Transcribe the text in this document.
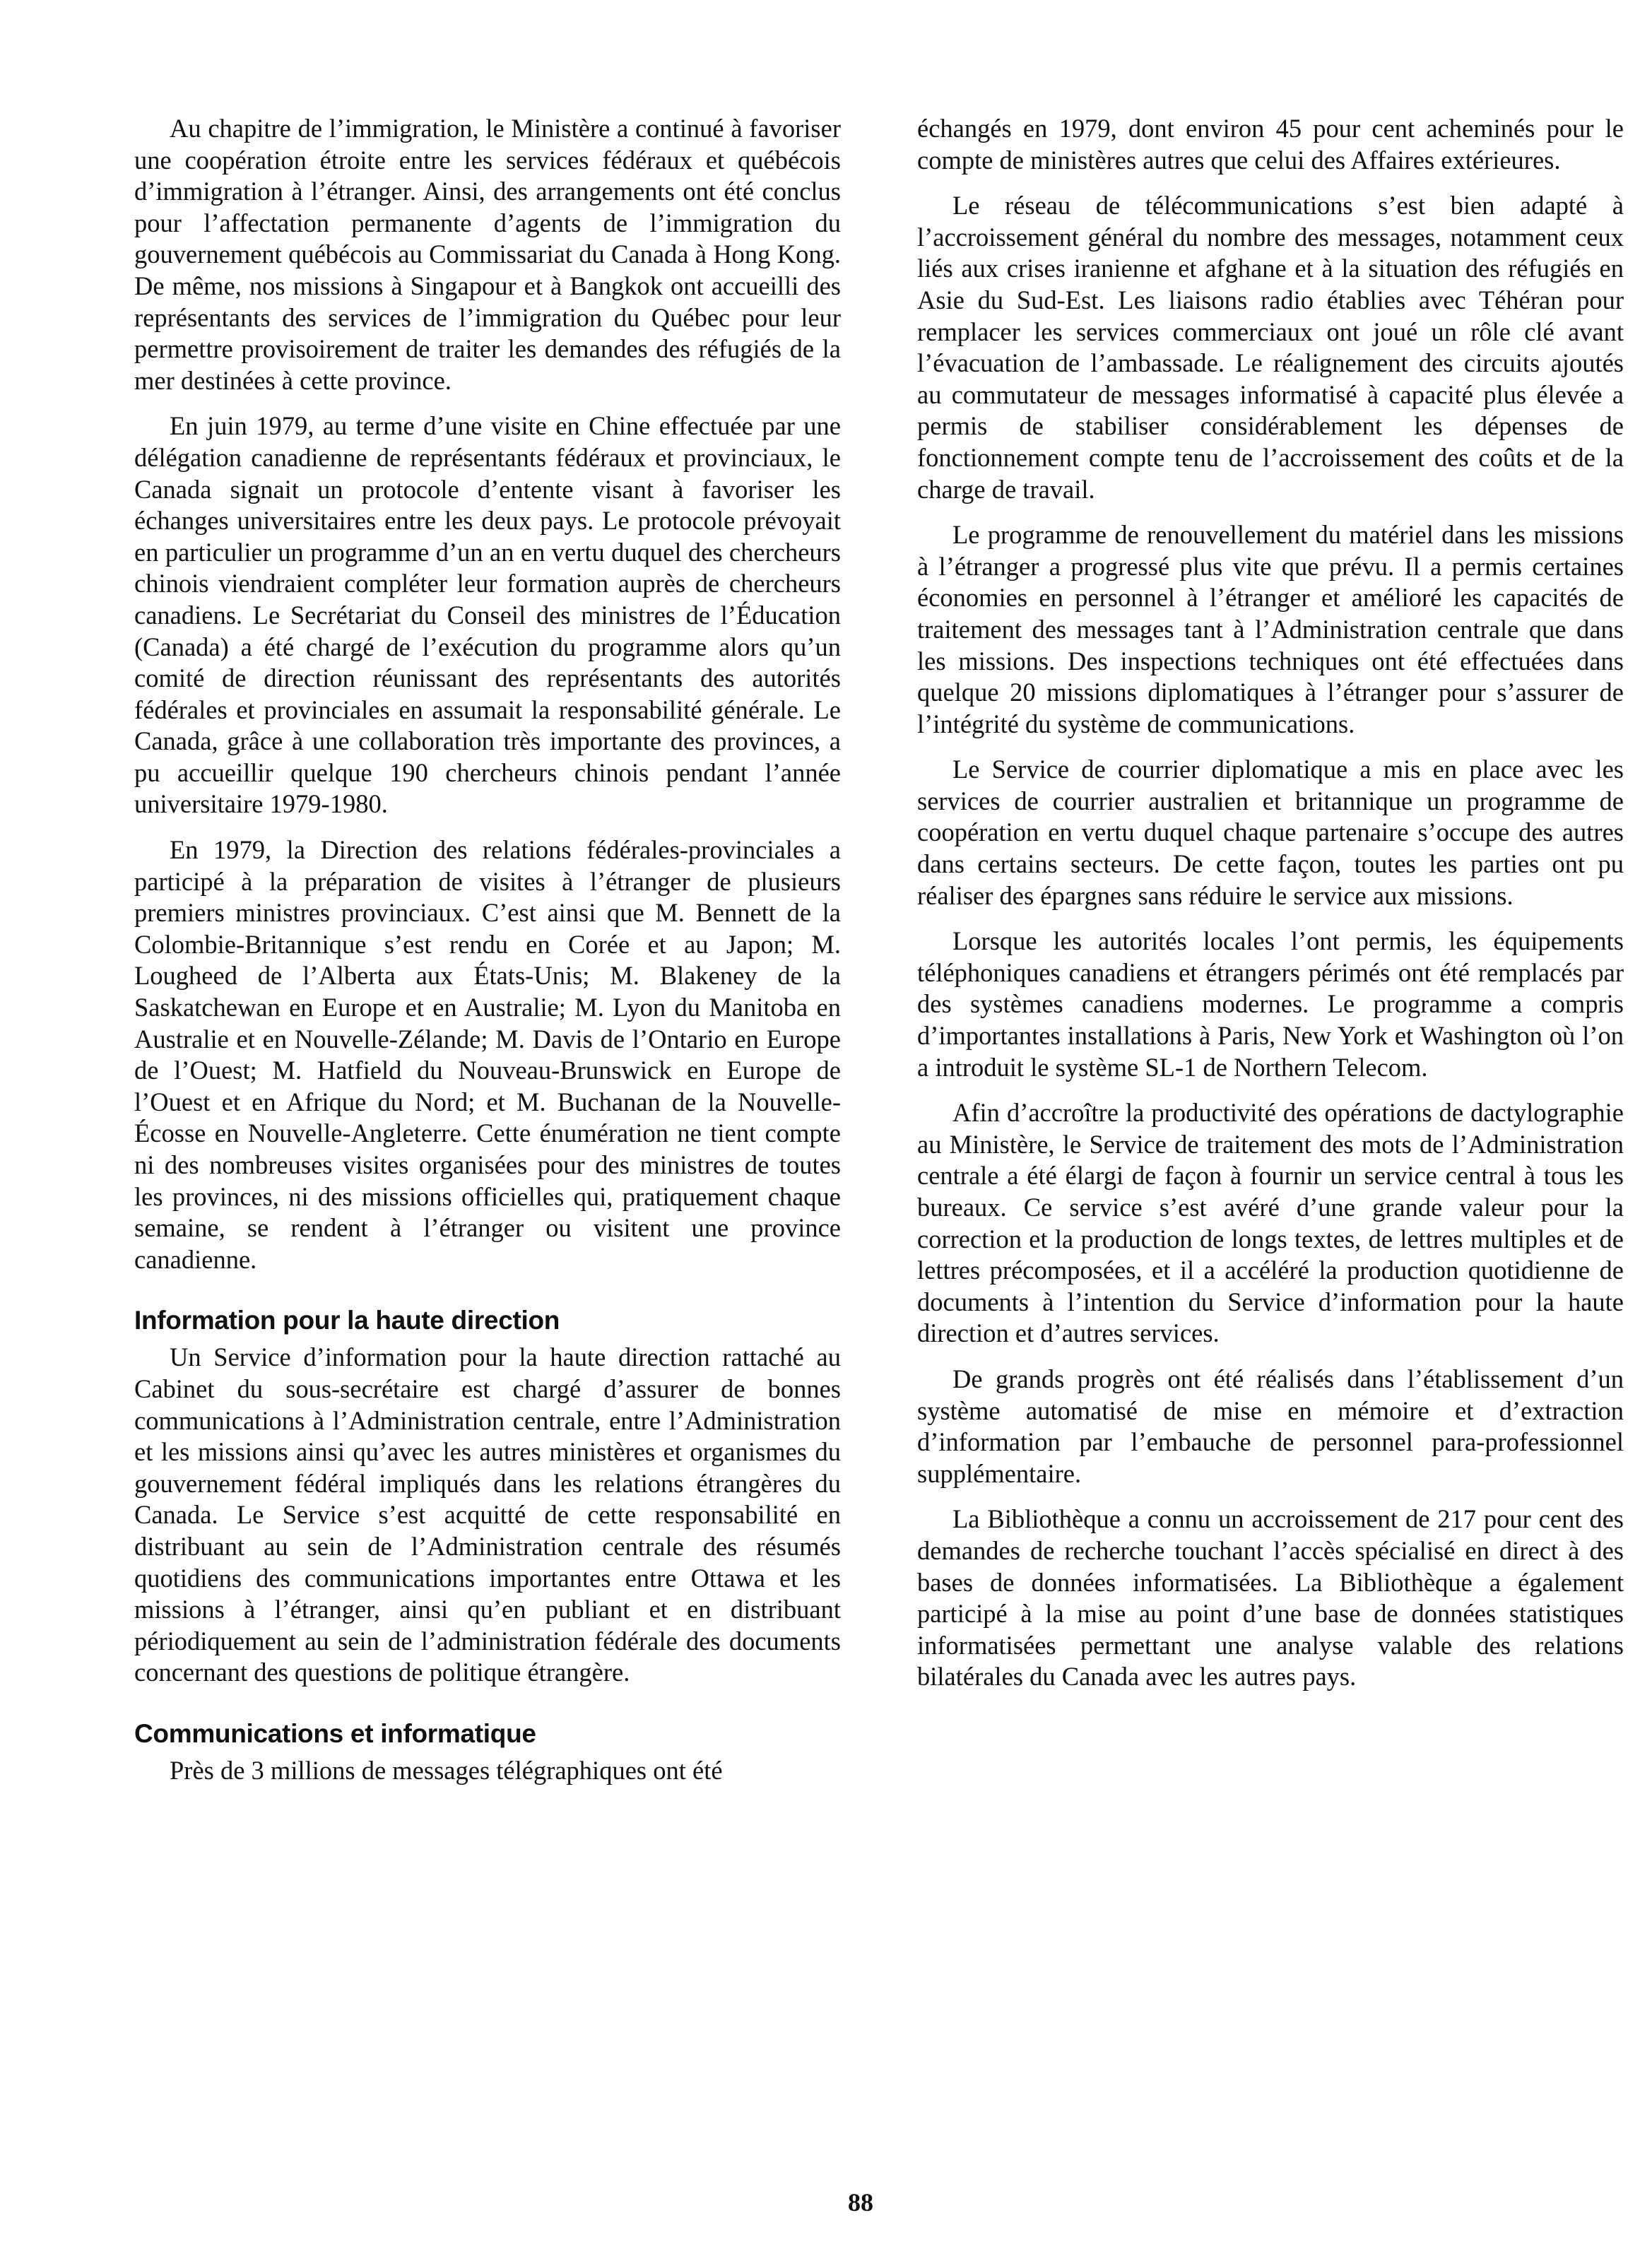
Au chapitre de l’immigration, le Ministère a continué à favoriser une coopération étroite entre les services fédéraux et québécois d’immigration à l’étranger. Ainsi, des arrangements ont été conclus pour l’affectation permanente d’agents de l’immigration du gouvernement québécois au Commissariat du Canada à Hong Kong. De même, nos missions à Singapour et à Bangkok ont accueilli des représentants des services de l’immigration du Québec pour leur permettre provisoirement de traiter les demandes des réfugiés de la mer destinées à cette province.

En juin 1979, au terme d’une visite en Chine effectuée par une délégation canadienne de représentants fédéraux et provinciaux, le Canada signait un protocole d’entente visant à favoriser les échanges universitaires entre les deux pays. Le protocole prévoyait en particulier un programme d’un an en vertu duquel des chercheurs chinois viendraient compléter leur formation auprès de chercheurs canadiens. Le Secrétariat du Conseil des ministres de l’Éducation (Canada) a été chargé de l’exécution du programme alors qu’un comité de direction réunissant des représentants des autorités fédérales et provinciales en assumait la responsabilité générale. Le Canada, grâce à une collaboration très importante des provinces, a pu accueillir quelque 190 chercheurs chinois pendant l’année universitaire 1979-1980.

En 1979, la Direction des relations fédérales-provinciales a participé à la préparation de visites à l’étranger de plusieurs premiers ministres provinciaux. C’est ainsi que M. Bennett de la Colombie-Britannique s’est rendu en Corée et au Japon; M. Lougheed de l’Alberta aux États-Unis; M. Blakeney de la Saskatchewan en Europe et en Australie; M. Lyon du Manitoba en Australie et en Nouvelle-Zélande; M. Davis de l’Ontario en Europe de l’Ouest; M. Hatfield du Nouveau-Brunswick en Europe de l’Ouest et en Afrique du Nord; et M. Buchanan de la Nouvelle-Écosse en Nouvelle-Angleterre. Cette énumération ne tient compte ni des nombreuses visites organisées pour des ministres de toutes les provinces, ni des missions officielles qui, pratiquement chaque semaine, se rendent à l’étranger ou visitent une province canadienne.

Information pour la haute direction

Un Service d’information pour la haute direction rattaché au Cabinet du sous-secrétaire est chargé d’assurer de bonnes communications à l’Administration centrale, entre l’Administration et les missions ainsi qu’avec les autres ministères et organismes du gouvernement fédéral impliqués dans les relations étrangères du Canada. Le Service s’est acquitté de cette responsabilité en distribuant au sein de l’Administration centrale des résumés quotidiens des communications importantes entre Ottawa et les missions à l’étranger, ainsi qu’en publiant et en distribuant périodiquement au sein de l’administration fédérale des documents concernant des questions de politique étrangère.

Communications et informatique

Près de 3 millions de messages télégraphiques ont été

échangés en 1979, dont environ 45 pour cent acheminés pour le compte de ministères autres que celui des Affaires extérieures.

Le réseau de télécommunications s’est bien adapté à l’accroissement général du nombre des messages, notamment ceux liés aux crises iranienne et afghane et à la situation des réfugiés en Asie du Sud-Est. Les liaisons radio établies avec Téhéran pour remplacer les services commerciaux ont joué un rôle clé avant l’évacuation de l’ambassade. Le réalignement des circuits ajoutés au commutateur de messages informatisé à capacité plus élevée a permis de stabiliser considérablement les dépenses de fonctionnement compte tenu de l’accroissement des coûts et de la charge de travail.

Le programme de renouvellement du matériel dans les missions à l’étranger a progressé plus vite que prévu. Il a permis certaines économies en personnel à l’étranger et amélioré les capacités de traitement des messages tant à l’Administration centrale que dans les missions. Des inspections techniques ont été effectuées dans quelque 20 missions diplomatiques à l’étranger pour s’assurer de l’intégrité du système de communications.

Le Service de courrier diplomatique a mis en place avec les services de courrier australien et britannique un programme de coopération en vertu duquel chaque partenaire s’occupe des autres dans certains secteurs. De cette façon, toutes les parties ont pu réaliser des épargnes sans réduire le service aux missions.

Lorsque les autorités locales l’ont permis, les équipements téléphoniques canadiens et étrangers périmés ont été remplacés par des systèmes canadiens modernes. Le programme a compris d’importantes installations à Paris, New York et Washington où l’on a introduit le système SL-1 de Northern Telecom.

Afin d’accroître la productivité des opérations de dactylographie au Ministère, le Service de traitement des mots de l’Administration centrale a été élargi de façon à fournir un service central à tous les bureaux. Ce service s’est avéré d’une grande valeur pour la correction et la production de longs textes, de lettres multiples et de lettres précomposées, et il a accéléré la production quotidienne de documents à l’intention du Service d’information pour la haute direction et d’autres services.

De grands progrès ont été réalisés dans l’établissement d’un système automatisé de mise en mémoire et d’extraction d’information par l’embauche de personnel para-professionnel supplémentaire.

La Bibliothèque a connu un accroissement de 217 pour cent des demandes de recherche touchant l’accès spécialisé en direct à des bases de données informatisées. La Bibliothèque a également participé à la mise au point d’une base de données statistiques informatisées permettant une analyse valable des relations bilatérales du Canada avec les autres pays.

88
